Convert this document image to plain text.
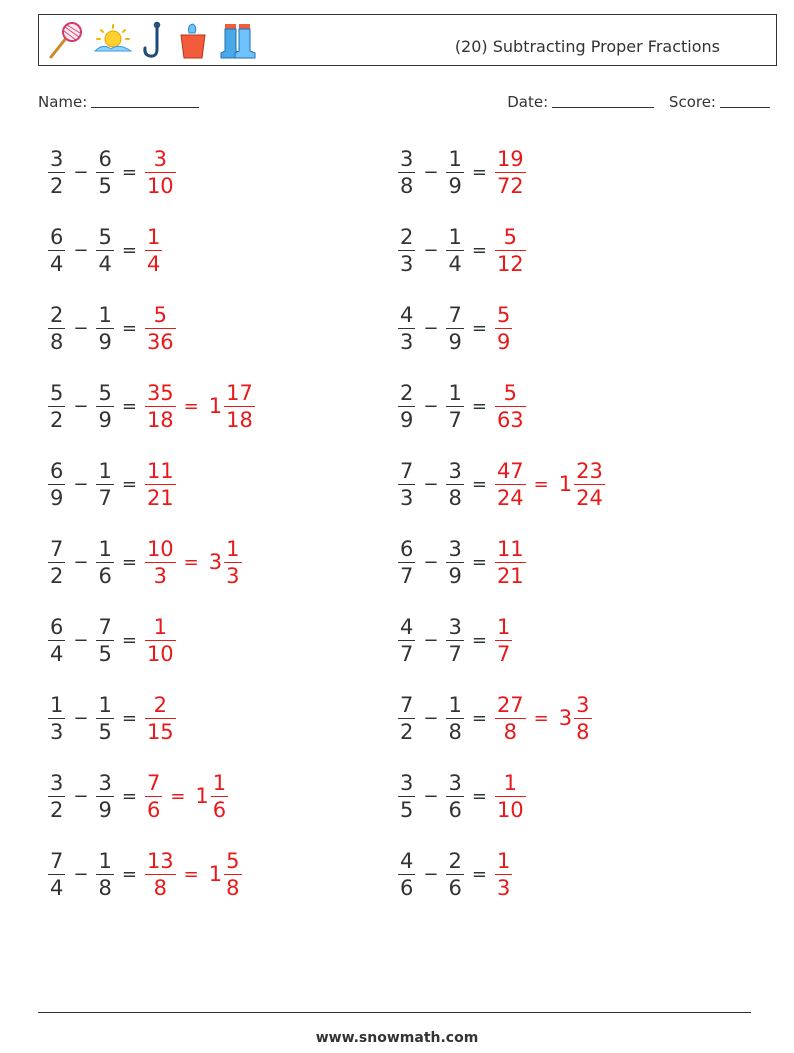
(20) Subtracting Proper Fractions
Name:	Date:	Score:
$\frac{3}{2} - \frac{6}{5} = \frac{3}{10}$	$\frac{3}{8} - \frac{1}{9} = \frac{19}{72}$
$\frac{6}{4} - \frac{5}{4} = \frac{1}{4}$	$\frac{2}{3} - \frac{1}{4} = \frac{5}{12}$
$\frac{2}{8} - \frac{1}{9} = \frac{5}{36}$	$\frac{4}{3} - \frac{7}{9} = \frac{5}{9}$
$\frac{5}{2} - \frac{5}{9} = \frac{35}{18} = 1 \frac{17}{18}$	$\frac{2}{9} - \frac{1}{7} = \frac{5}{63}$
$\frac{6}{9} - \frac{1}{7} = \frac{11}{21}$	$\frac{7}{3} - \frac{3}{8} = \frac{47}{24} = 1 \frac{23}{24}$
$\frac{7}{2} - \frac{1}{6} = \frac{10}{3} = 3 \frac{1}{3}$	$\frac{6}{7} - \frac{3}{9} = \frac{11}{21}$
$\frac{6}{4} - \frac{7}{5} = \frac{1}{10}$	$\frac{4}{7} - \frac{3}{7} = \frac{1}{7}$
$\frac{1}{3} - \frac{1}{5} = \frac{2}{15}$	$\frac{7}{2} - \frac{1}{8} = \frac{27}{8} = 3 \frac{3}{8}$
$\frac{3}{2} - \frac{3}{9} = \frac{7}{6} = 1 \frac{1}{6}$	$\frac{3}{5} - \frac{3}{6} = \frac{1}{10}$
$\frac{7}{4} - \frac{1}{8} = \frac{13}{8} = 1 \frac{5}{8}$	$\frac{4}{6} - \frac{2}{6} = \frac{1}{3}$
www.snowmath.com
